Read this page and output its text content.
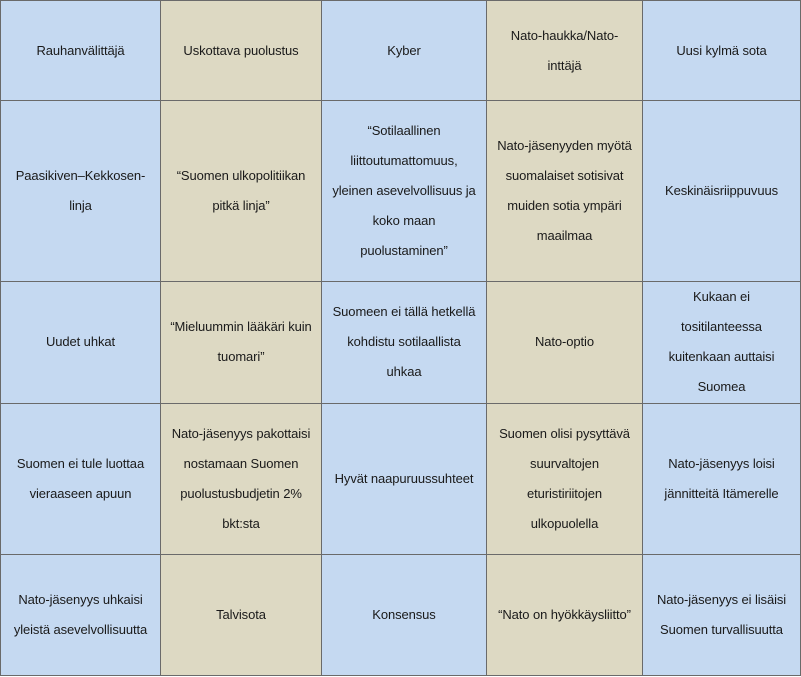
Rauhanvälittäjä	Uskottava puolustus	Kyber	Nato-haukka/Nato-inttäjä	Uusi kylmä sota
Paasikiven–Kekkosen-linja	“Suomen ulkopolitiikan pitkä linja”	“Sotilaallinen liittoutumattomuus, yleinen asevelvollisuus ja koko maan puolustaminen”	Nato-jäsenyyden myötä suomalaiset sotisivat muiden sotia ympäri maailmaa	Keskinäisriippuvuus
Uudet uhkat	“Mieluummin lääkäri kuin tuomari”	Suomeen ei tällä hetkellä kohdistu sotilaallista uhkaa	Nato-optio	Kukaan ei tositilanteessa kuitenkaan auttaisi Suomea
Suomen ei tule luottaa vieraaseen apuun	Nato-jäsenyys pakottaisi nostamaan Suomen puolustusbudjetin 2% bkt:sta	Hyvät naapuruussuhteet	Suomen olisi pysyttävä suurvaltojen eturistiriitojen ulkopuolella	Nato-jäsenyys loisi jännitteitä Itämerelle
Nato-jäsenyys uhkaisi yleistä asevelvollisuutta	Talvisota	Konsensus	“Nato on hyökkäysliitto”	Nato-jäsenyys ei lisäisi Suomen turvallisuutta
